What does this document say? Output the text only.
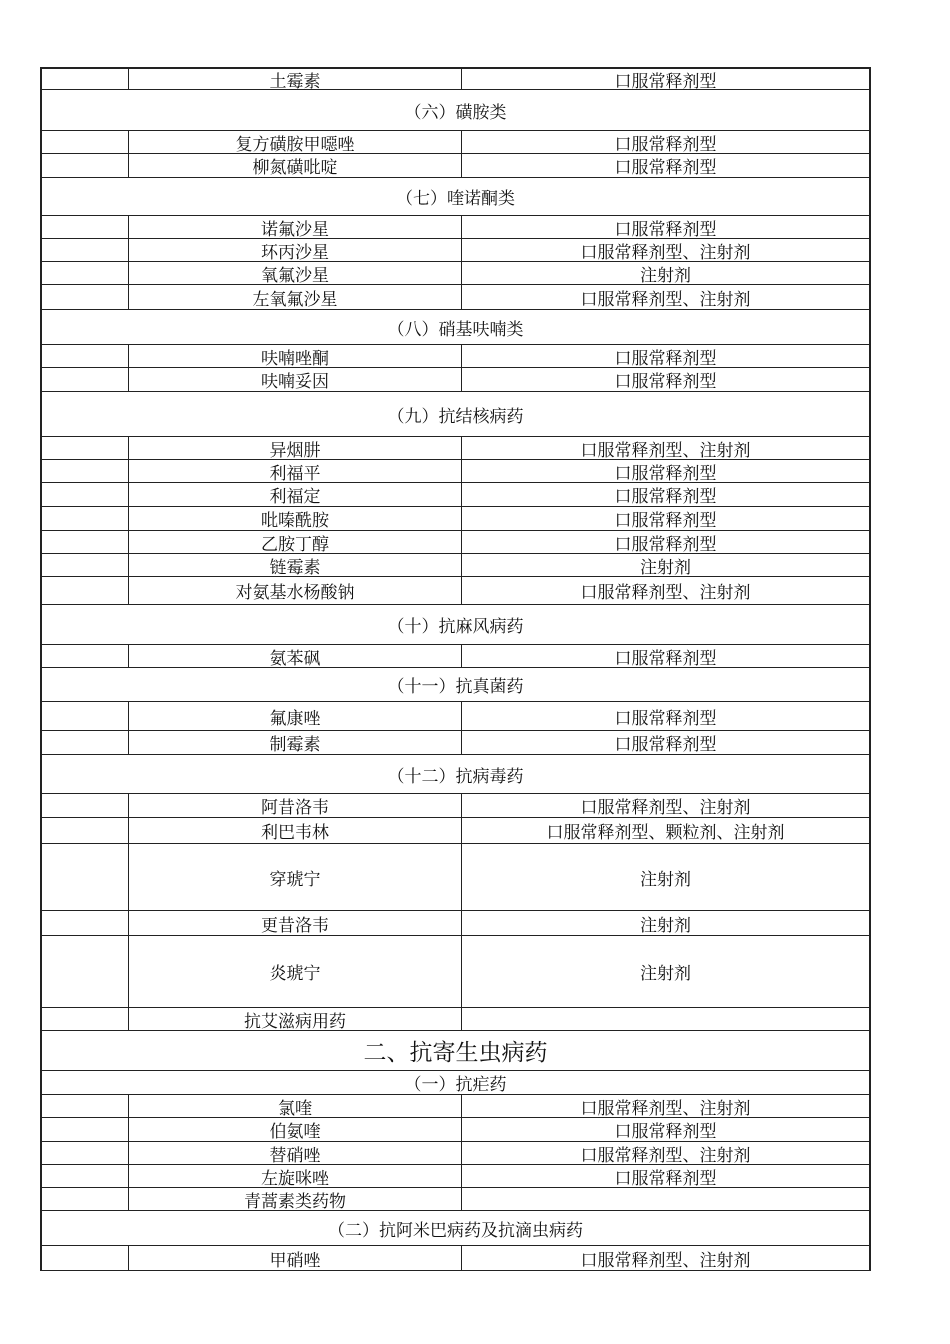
土霉素	口服常释剂型
（六）磺胺类
复方磺胺甲噁唑	口服常释剂型
柳氮磺吡啶	口服常释剂型
（七）喹诺酮类
诺氟沙星	口服常释剂型
环丙沙星	口服常释剂型、注射剂
氧氟沙星	注射剂
左氧氟沙星	口服常释剂型、注射剂
（八）硝基呋喃类
呋喃唑酮	口服常释剂型
呋喃妥因	口服常释剂型
（九）抗结核病药
异烟肼	口服常释剂型、注射剂
利福平	口服常释剂型
利福定	口服常释剂型
吡嗪酰胺	口服常释剂型
乙胺丁醇	口服常释剂型
链霉素	注射剂
对氨基水杨酸钠	口服常释剂型、注射剂
（十）抗麻风病药
氨苯砜	口服常释剂型
（十一）抗真菌药
氟康唑	口服常释剂型
制霉素	口服常释剂型
（十二）抗病毒药
阿昔洛韦	口服常释剂型、注射剂
利巴韦林	口服常释剂型、颗粒剂、注射剂
穿琥宁	注射剂
更昔洛韦	注射剂
炎琥宁	注射剂
抗艾滋病用药
二、抗寄生虫病药
（一）抗疟药
氯喹	口服常释剂型、注射剂
伯氨喹	口服常释剂型
替硝唑	口服常释剂型、注射剂
左旋咪唑	口服常释剂型
青蒿素类药物
（二）抗阿米巴病药及抗滴虫病药
甲硝唑	口服常释剂型、注射剂
